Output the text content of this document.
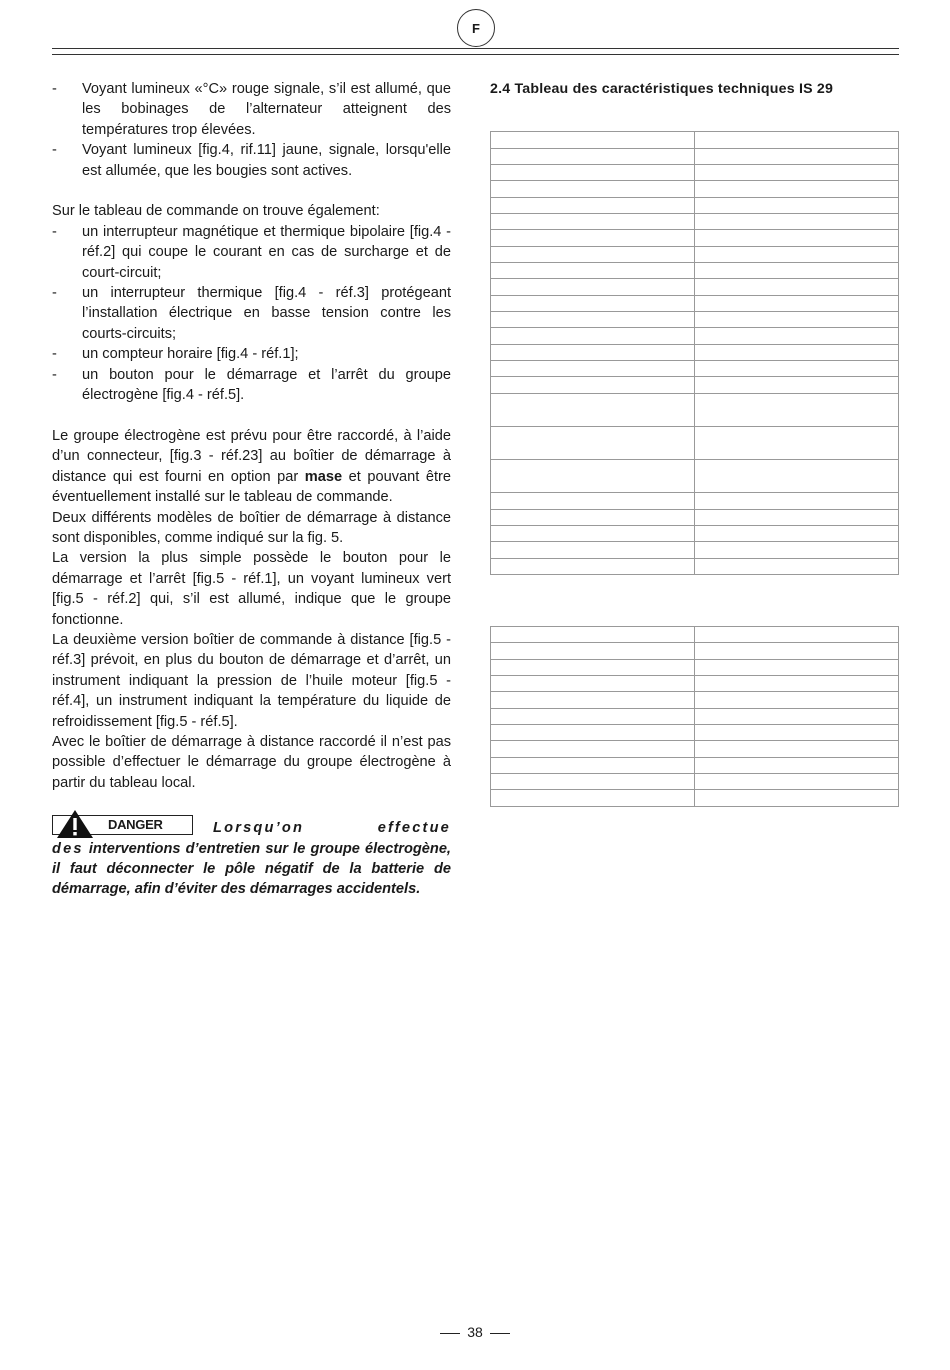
F
-	Voyant lumineux «°C» rouge signale, s’il est allumé, que les bobinages de l’alternateur atteignent des températures trop élevées.
-	Voyant lumineux [fig.4, rif.11] jaune, signale, lorsqu'elle est allumée, que les bougies sont actives.

Sur le tableau de commande on trouve également:

-	un interrupteur magnétique et thermique bipolaire [fig.4 - réf.2] qui coupe le courant en cas de surcharge et de court-circuit;
-	un interrupteur thermique [fig.4 - réf.3] protégeant l’installation électrique en basse tension contre les courts-circuits;
-	un compteur horaire [fig.4 - réf.1];
-	un bouton pour le démarrage et l’arrêt du groupe électrogène [fig.4 - réf.5].

Le groupe électrogène est prévu pour être raccordé, à l’aide d’un connecteur, [fig.3 - réf.23] au boîtier de démarrage à distance qui est fourni en option par mase et pouvant être éventuellement installé sur le tableau de commande.

Deux différents modèles de boîtier de démarrage à distance sont disponibles, comme indiqué sur la fig. 5.

La version la plus simple possède le bouton pour le démarrage et l’arrêt [fig.5 - réf.1], un voyant lumineux vert [fig.5 - réf.2] qui, s’il est allumé, indique que le groupe fonctionne.

La deuxième version boîtier de commande à distance [fig.5 - réf.3] prévoit, en plus du bouton de démarrage et d’arrêt, un instrument indiquant la pression de l’huile moteur [fig.5 - réf.4], un instrument indiquant la température du liquide de refroidissement [fig.5 - réf.5].

Avec le boîtier de démarrage à distance raccordé il n’est pas possible d’effectuer le démarrage du groupe électrogène à partir du tableau local.

DANGER	Lorsqu’on effectue des interventions d’entretien sur le groupe électrogène, il faut déconnecter le pôle négatif de la batterie de démarrage, afin d’éviter des démarrages accidentels.
2.4 Tableau des caractéristiques techniques IS 29

38
